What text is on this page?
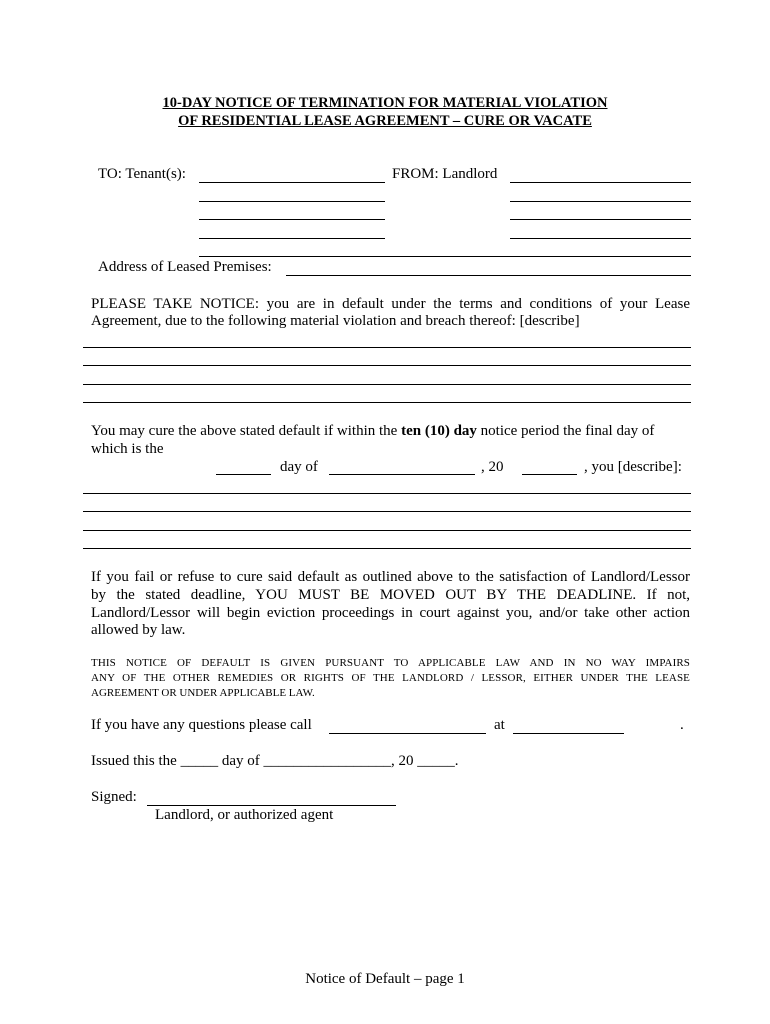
10-DAY NOTICE OF TERMINATION FOR MATERIAL VIOLATION
OF RESIDENTIAL LEASE AGREEMENT – CURE OR VACATE
TO: Tenant(s):	FROM: Landlord
Address of Leased Premises:
PLEASE TAKE NOTICE: you are in default under the terms and conditions of your Lease
Agreement, due to the following material violation and breach thereof: [describe]
You may cure the above stated default if within the ten (10) day notice period the final day of
which is the
day of	, 20	, you [describe]:
If you fail or refuse to cure said default as outlined above to the satisfaction of Landlord/Lessor
by the stated deadline, YOU MUST BE MOVED OUT BY THE DEADLINE. If not,
Landlord/Lessor will begin eviction proceedings in court against you, and/or take other action
allowed by law.
THIS NOTICE OF DEFAULT IS GIVEN PURSUANT TO APPLICABLE LAW AND IN NO WAY IMPAIRS
ANY OF THE OTHER REMEDIES OR RIGHTS OF THE LANDLORD / LESSOR, EITHER UNDER THE LEASE
AGREEMENT OR UNDER APPLICABLE LAW.
If you have any questions please call	at	.
Issued this the _____ day of _________________, 20 _____.
Signed:
Landlord, or authorized agent
Notice of Default – page 1
